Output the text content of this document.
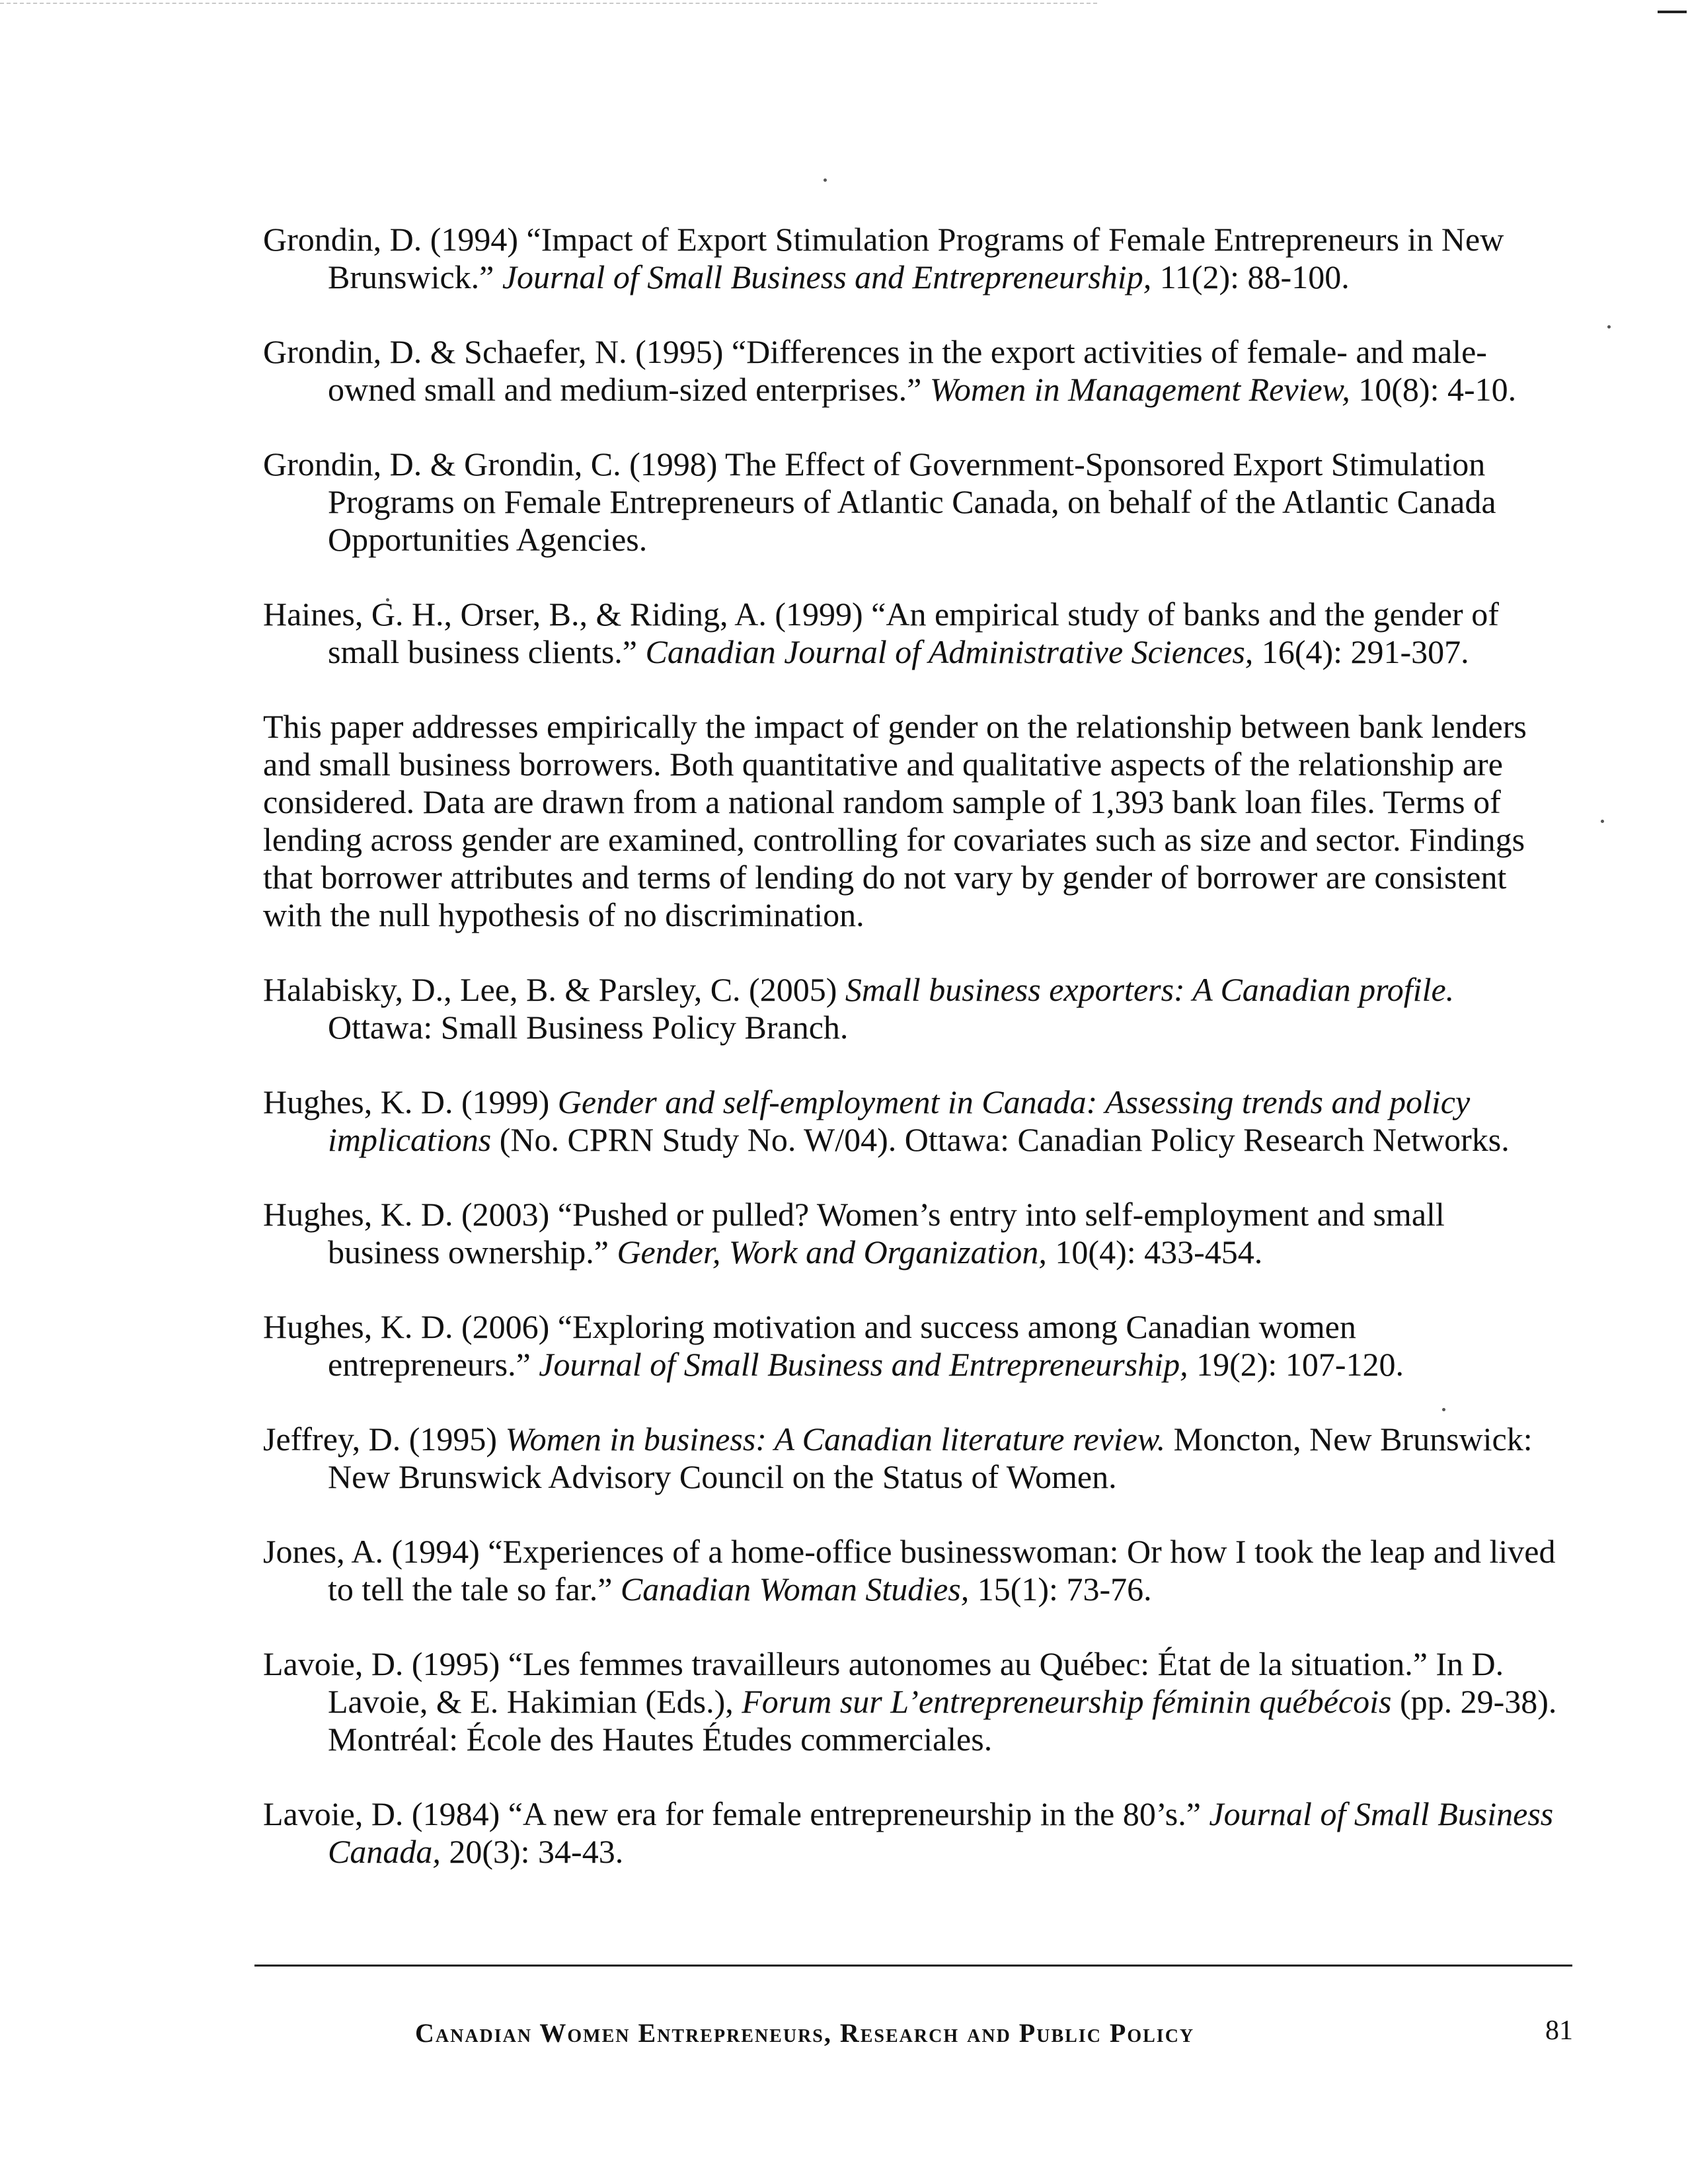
Grondin, D. (1994) “Impact of Export Stimulation Programs of Female Entrepreneurs in New Brunswick.” Journal of Small Business and Entrepreneurship, 11(2): 88-100.

Grondin, D. & Schaefer, N. (1995) “Differences in the export activities of female- and male-owned small and medium-sized enterprises.” Women in Management Review, 10(8): 4-10.

Grondin, D. & Grondin, C. (1998) The Effect of Government-Sponsored Export Stimulation Programs on Female Entrepreneurs of Atlantic Canada, on behalf of the Atlantic Canada Opportunities Agencies.

Haines, G. H., Orser, B., & Riding, A. (1999) “An empirical study of banks and the gender of small business clients.” Canadian Journal of Administrative Sciences, 16(4): 291-307.

This paper addresses empirically the impact of gender on the relationship between bank lenders and small business borrowers. Both quantitative and qualitative aspects of the relationship are considered. Data are drawn from a national random sample of 1,393 bank loan files. Terms of lending across gender are examined, controlling for covariates such as size and sector. Findings that borrower attributes and terms of lending do not vary by gender of borrower are consistent with the null hypothesis of no discrimination.

Halabisky, D., Lee, B. & Parsley, C. (2005) Small business exporters: A Canadian profile. Ottawa: Small Business Policy Branch.

Hughes, K. D. (1999) Gender and self-employment in Canada: Assessing trends and policy implications (No. CPRN Study No. W/04). Ottawa: Canadian Policy Research Networks.

Hughes, K. D. (2003) “Pushed or pulled? Women’s entry into self-employment and small business ownership.” Gender, Work and Organization, 10(4): 433-454.

Hughes, K. D. (2006) “Exploring motivation and success among Canadian women entrepreneurs.” Journal of Small Business and Entrepreneurship, 19(2): 107-120.

Jeffrey, D. (1995) Women in business: A Canadian literature review. Moncton, New Brunswick: New Brunswick Advisory Council on the Status of Women.

Jones, A. (1994) “Experiences of a home-office businesswoman: Or how I took the leap and lived to tell the tale so far.” Canadian Woman Studies, 15(1): 73-76.

Lavoie, D. (1995) “Les femmes travailleurs autonomes au Québec: État de la situation.” In D. Lavoie, & E. Hakimian (Eds.), Forum sur L’entrepreneurship féminin québécois (pp. 29-38). Montréal: École des Hautes Études commerciales.

Lavoie, D. (1984) “A new era for female entrepreneurship in the 80’s.” Journal of Small Business Canada, 20(3): 34-43.

Canadian Women Entrepreneurs, Research and Public Policy	81
